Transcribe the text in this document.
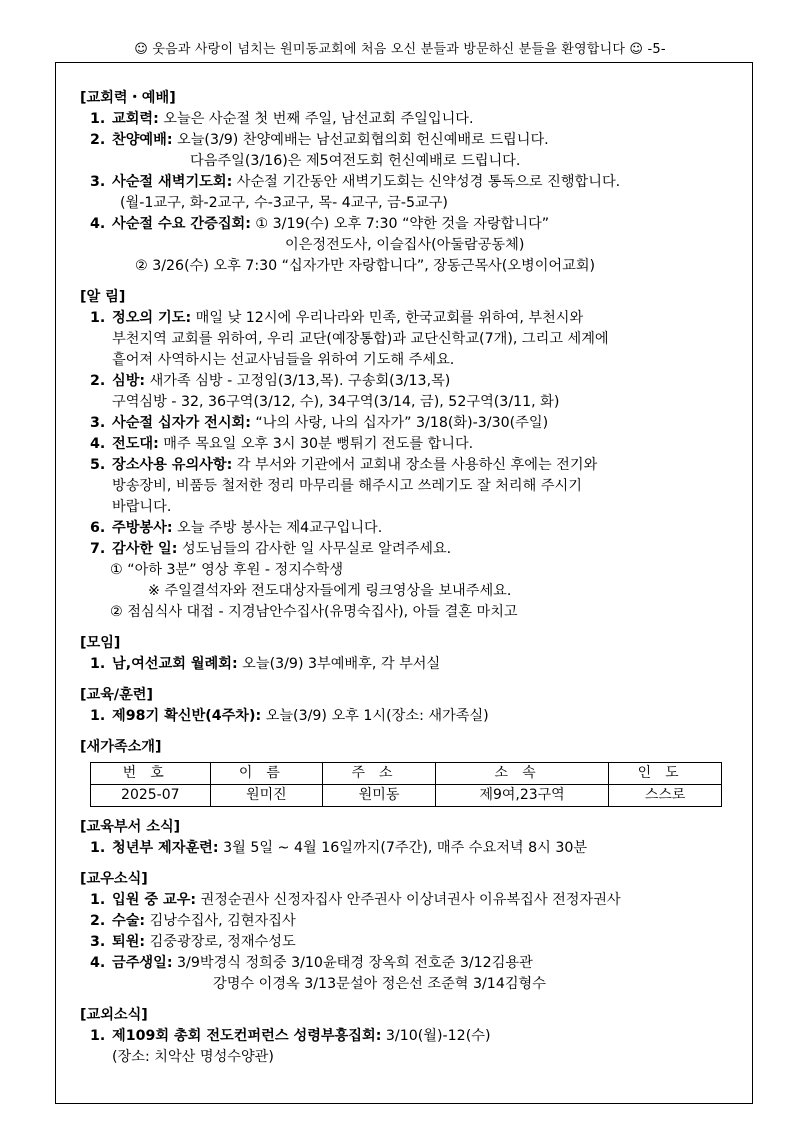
☺ 웃음과 사랑이 넘치는 원미동교회에 처음 오신 분들과 방문하신 분들을 환영합니다 ☺ -5-
[교회력・예배]
1. 교회력: 오늘은 사순절 첫 번째 주일, 남선교회 주일입니다.
2. 찬양예배: 오늘(3/9) 찬양예배는 남선교회협의회 헌신예배로 드립니다.
다음주일(3/16)은 제5여전도회 헌신예배로 드립니다.
3. 사순절 새벽기도회: 사순절 기간동안 새벽기도회는 신약성경 통독으로 진행합니다.
(월-1교구, 화-2교구, 수-3교구, 목- 4교구, 금-5교구)
4. 사순절 수요 간증집회: ① 3/19(수) 오후 7:30 “약한 것을 자랑합니다”
이은정전도사, 이슬집사(아둘람공동체)
② 3/26(수) 오후 7:30 “십자가만 자랑합니다”, 장동근목사(오병이어교회)
[알 림]
1. 정오의 기도: 매일 낮 12시에 우리나라와 민족, 한국교회를 위하여, 부천시와
부천지역 교회를 위하여, 우리 교단(예장통합)과 교단신학교(7개), 그리고 세계에
흩어져 사역하시는 선교사님들을 위하여 기도해 주세요.
2. 심방: 새가족 심방 - 고정임(3/13,목). 구송회(3/13,목)
구역심방 - 32, 36구역(3/12, 수), 34구역(3/14, 금), 52구역(3/11, 화)
3. 사순절 십자가 전시회: “나의 사랑, 나의 십자가” 3/18(화)-3/30(주일)
4. 전도대: 매주 목요일 오후 3시 30분 뻥튀기 전도를 합니다.
5. 장소사용 유의사항: 각 부서와 기관에서 교회내 장소를 사용하신 후에는 전기와
방송장비, 비품등 철저한 정리 마무리를 해주시고 쓰레기도 잘 처리해 주시기
바랍니다.
6. 주방봉사: 오늘 주방 봉사는 제4교구입니다.
7. 감사한 일: 성도님들의 감사한 일 사무실로 알려주세요.
① “아하 3분” 영상 후원 - 정지수학생
※ 주일결석자와 전도대상자들에게 링크영상을 보내주세요.
② 점심식사 대접 - 지경남안수집사(유명숙집사), 아들 결혼 마치고
[모임]
1. 남,여선교회 월례회: 오늘(3/9) 3부예배후, 각 부서실
[교육/훈련]
1. 제98기 확신반(4주차): 오늘(3/9) 오후 1시(장소: 새가족실)
[새가족소개]
번호	이름	주소	소속	인도
2025-07	원미진	원미동	제9여,23구역	스스로
[교육부서 소식]
1. 청년부 제자훈련: 3월 5일 ~ 4월 16일까지(7주간), 매주 수요저녁 8시 30분
[교우소식]
1. 입원 중 교우: 권정순권사 신정자집사 안주권사 이상녀권사 이유복집사 전정자권사
2. 수술: 김낭수집사, 김현자집사
3. 퇴원: 김중광장로, 정재수성도
4. 금주생일: 3/9박경식 정희중 3/10윤태경 장옥희 전호준 3/12김용관
강명수 이경옥 3/13문설아 정은선 조준혁 3/14김형수
[교외소식]
1. 제109회 총회 전도컨퍼런스 성령부흥집회: 3/10(월)-12(수)
(장소: 치악산 명성수양관)
